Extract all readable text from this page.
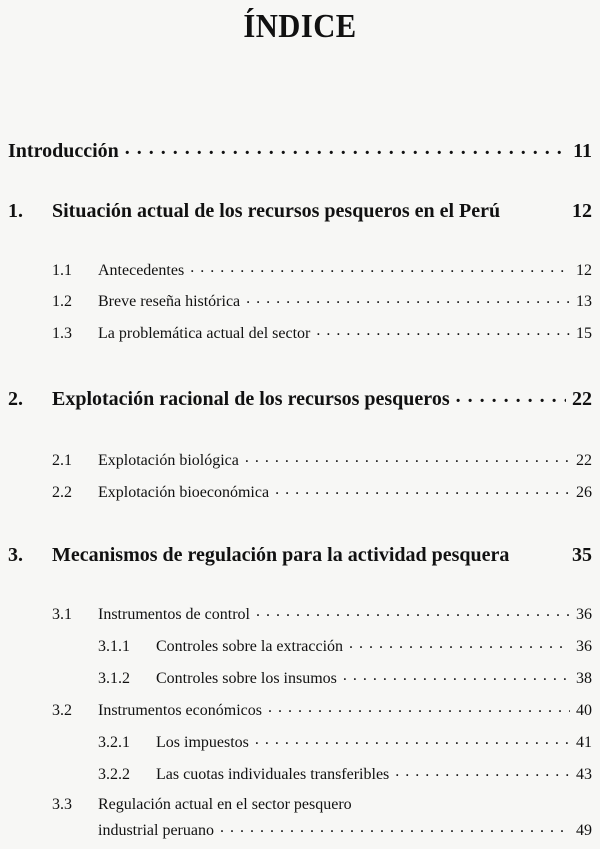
ÍNDICE
Introducción . . .	11
1.	Situación actual de los recursos pesqueros en el Perú	12
1.1	Antecedentes . . .	12
1.2	Breve reseña histórica . . .	13
1.3	La problemática actual del sector . . .	15
2.	Explotación racional de los recursos pesqueros . . .	22
2.1	Explotación biológica . . .	22
2.2	Explotación bioeconómica . . .	26
3.	Mecanismos de regulación para la actividad pesquera	35
3.1	Instrumentos de control . . .	36
3.1.1	Controles sobre la extracción . . .	36
3.1.2	Controles sobre los insumos . . .	38
3.2	Instrumentos económicos . . .	40
3.2.1	Los impuestos . . .	41
3.2.2	Las cuotas individuales transferibles . . .	43
3.3	Regulación actual en el sector pesquero
industrial peruano . . .	49
